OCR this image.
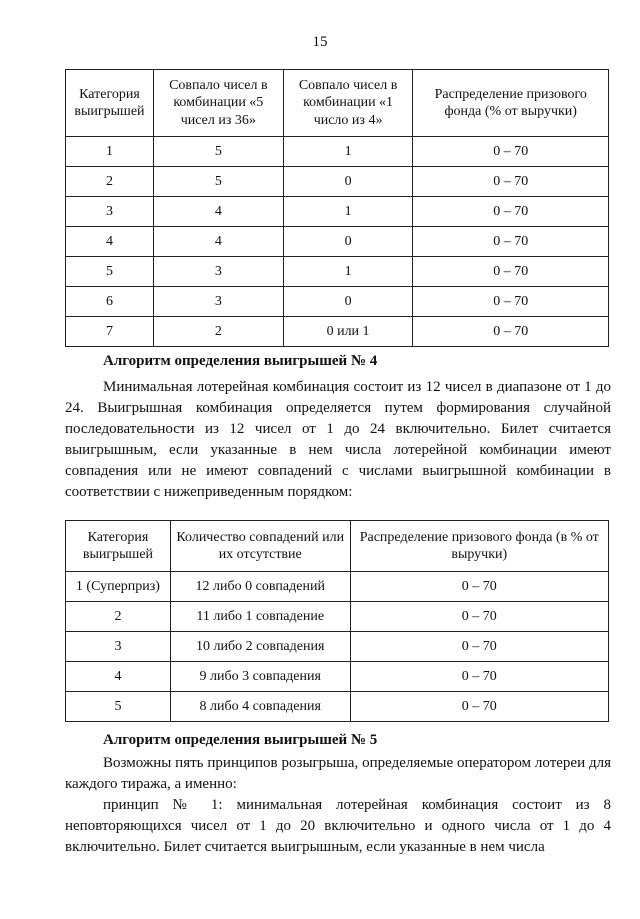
15
Категория выигрышей	Совпало чисел в комбинации «5 чисел из 36»	Совпало чисел в комбинации «1 число из 4»	Распределение призового фонда (% от выручки)
1	5	1	0 – 70
2	5	0	0 – 70
3	4	1	0 – 70
4	4	0	0 – 70
5	3	1	0 – 70
6	3	0	0 – 70
7	2	0 или 1	0 – 70
Алгоритм определения выигрышей № 4
Минимальная лотерейная комбинация состоит из 12 чисел в диапазоне от 1 до 24. Выигрышная комбинация определяется путем формирования случайной последовательности из 12 чисел от 1 до 24 включительно. Билет считается выигрышным, если указанные в нем числа лотерейной комбинации имеют совпадения или не имеют совпадений с числами выигрышной комбинации в соответствии с нижеприведенным порядком:
Категория выигрышей	Количество совпадений или их отсутствие	Распределение призового фонда (в % от выручки)
1 (Суперприз)	12 либо 0 совпадений	0 – 70
2	11 либо 1 совпадение	0 – 70
3	10 либо 2 совпадения	0 – 70
4	9 либо 3 совпадения	0 – 70
5	8 либо 4 совпадения	0 – 70
Алгоритм определения выигрышей № 5
Возможны пять принципов розыгрыша, определяемые оператором лотереи для каждого тиража, а именно:
принцип № 1: минимальная лотерейная комбинация состоит из 8 неповторяющихся чисел от 1 до 20 включительно и одного числа от 1 до 4 включительно. Билет считается выигрышным, если указанные в нем числа
